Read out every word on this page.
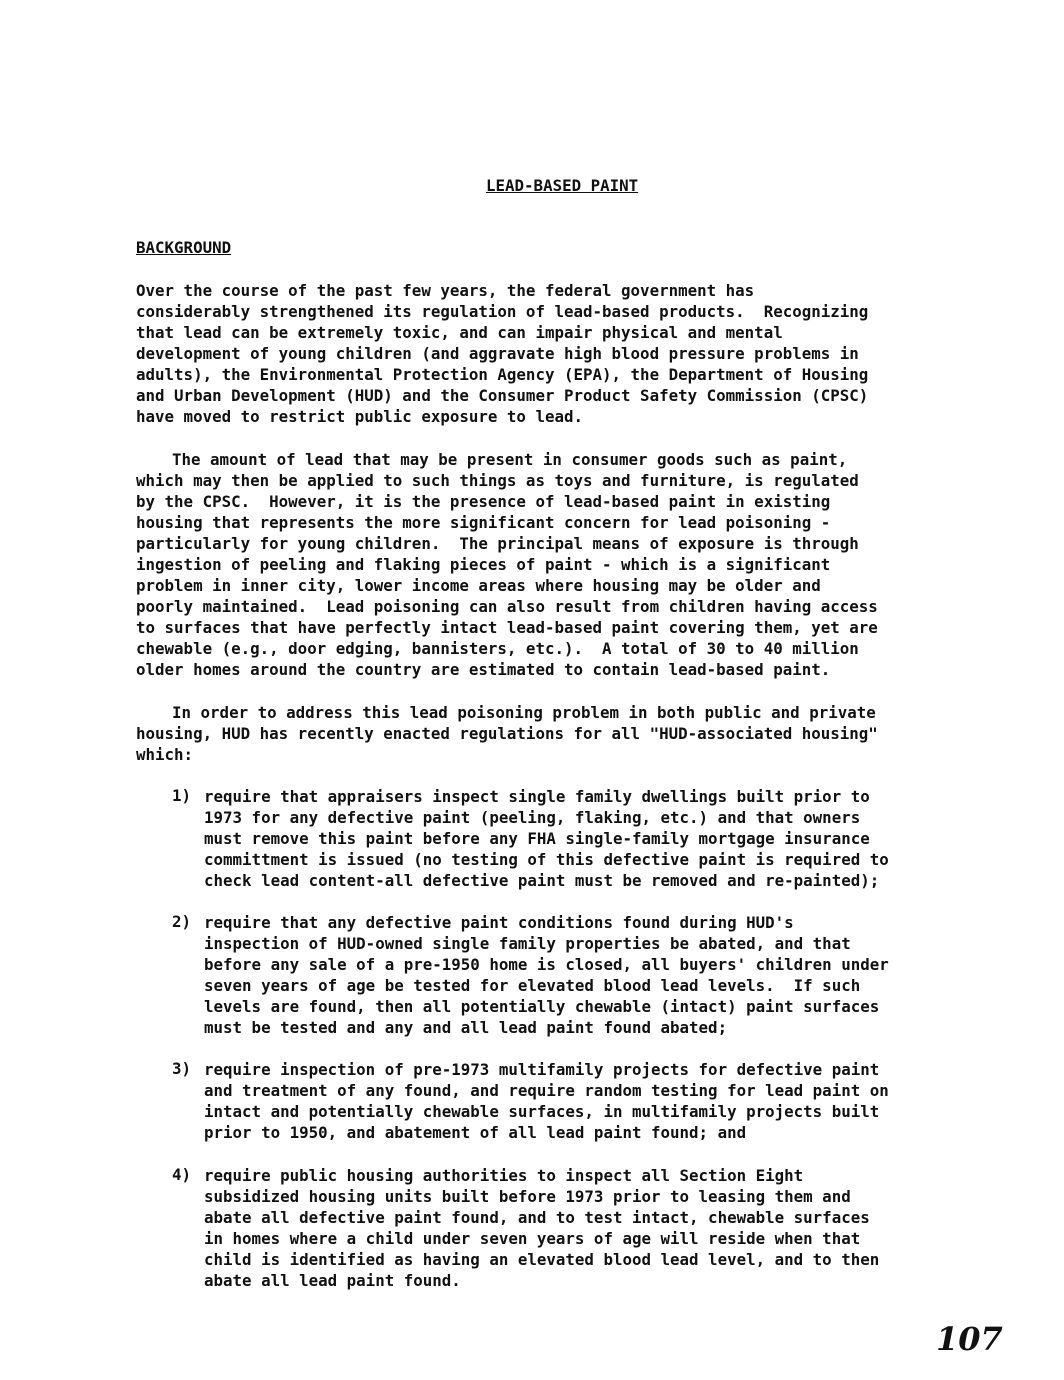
LEAD-BASED PAINT
BACKGROUND
Over the course of the past few years, the federal government has
considerably strengthened its regulation of lead-based products.  Recognizing
that lead can be extremely toxic, and can impair physical and mental
development of young children (and aggravate high blood pressure problems in
adults), the Environmental Protection Agency (EPA), the Department of Housing
and Urban Development (HUD) and the Consumer Product Safety Commission (CPSC)
have moved to restrict public exposure to lead.
The amount of lead that may be present in consumer goods such as paint,
which may then be applied to such things as toys and furniture, is regulated
by the CPSC.  However, it is the presence of lead-based paint in existing
housing that represents the more significant concern for lead poisoning -
particularly for young children.  The principal means of exposure is through
ingestion of peeling and flaking pieces of paint - which is a significant
problem in inner city, lower income areas where housing may be older and
poorly maintained.  Lead poisoning can also result from children having access
to surfaces that have perfectly intact lead-based paint covering them, yet are
chewable (e.g., door edging, bannisters, etc.).  A total of 30 to 40 million
older homes around the country are estimated to contain lead-based paint.
In order to address this lead poisoning problem in both public and private
housing, HUD has recently enacted regulations for all "HUD-associated housing"
which:
1) require that appraisers inspect single family dwellings built prior to
1973 for any defective paint (peeling, flaking, etc.) and that owners
must remove this paint before any FHA single-family mortgage insurance
committment is issued (no testing of this defective paint is required to
check lead content-all defective paint must be removed and re-painted);
2) require that any defective paint conditions found during HUD's
inspection of HUD-owned single family properties be abated, and that
before any sale of a pre-1950 home is closed, all buyers' children under
seven years of age be tested for elevated blood lead levels.  If such
levels are found, then all potentially chewable (intact) paint surfaces
must be tested and any and all lead paint found abated;
3) require inspection of pre-1973 multifamily projects for defective paint
and treatment of any found, and require random testing for lead paint on
intact and potentially chewable surfaces, in multifamily projects built
prior to 1950, and abatement of all lead paint found; and
4) require public housing authorities to inspect all Section Eight
subsidized housing units built before 1973 prior to leasing them and
abate all defective paint found, and to test intact, chewable surfaces
in homes where a child under seven years of age will reside when that
child is identified as having an elevated blood lead level, and to then
abate all lead paint found.
107
